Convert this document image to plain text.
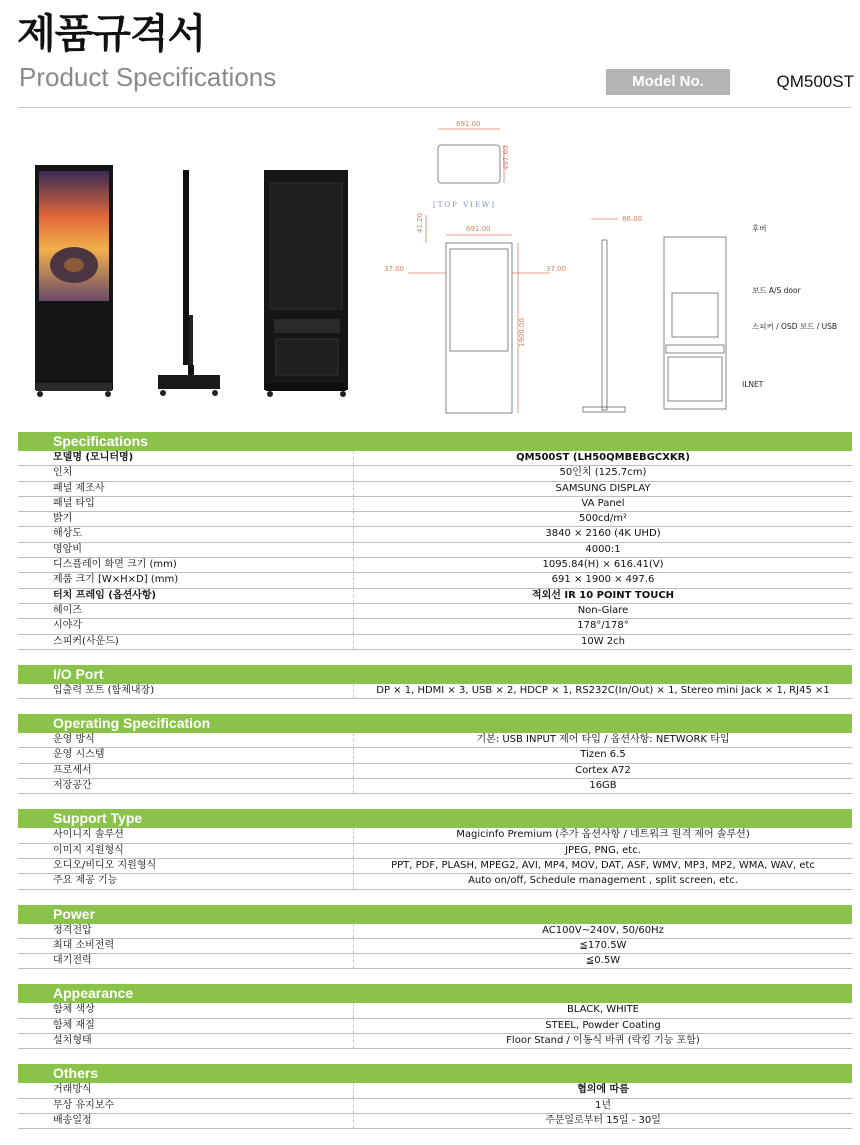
제품규격서
Product Specifications	Model No.	QM500ST
691.00
497.60
[TOP VIEW]
691.00
41.20
37.00	37.00
1900.00
86.00
후버
보드 A/S door
스피커 / OSD 보드 / USB
ILNET
Specifications
모델명 (모니터명)	QM500ST (LH50QMBEBGCXKR)
인치	50인치 (125.7cm)
패널 제조사	SAMSUNG DISPLAY
패널 타입	VA Panel
밝기	500cd/m²
해상도	3840 × 2160 (4K UHD)
명암비	4000:1
디스플레이 화면 크기 (mm)	1095.84(H) × 616.41(V)
제품 크기 [W×H×D] (mm)	691 × 1900 × 497.6
터치 프레임 (옵션사항)	적외선 IR 10 POINT TOUCH
헤이즈	Non-Glare
시야각	178°/178°
스피커(사운드)	10W 2ch
I/O Port
입출력 포트 (함체내장)	DP × 1, HDMI × 3, USB × 2, HDCP × 1, RS232C(In/Out) × 1, Stereo mini Jack × 1, RJ45 ×1
Operating Specification
운영 방식	기본: USB INPUT 제어 타입 / 옵션사항: NETWORK 타입
운영 시스템	Tizen 6.5
프로세서	Cortex A72
저장공간	16GB
Support Type
사이니지 솔루션	Magicinfo Premium (추가 옵션사항 / 네트워크 원격 제어 솔루션)
이미지 지원형식	JPEG, PNG, etc.
오디오/비디오 지원형식	PPT, PDF, PLASH, MPEG2, AVI, MP4, MOV, DAT, ASF, WMV, MP3, MP2, WMA, WAV, etc
주요 제공 기능	Auto on/off, Schedule management , split screen, etc.
Power
정격전압	AC100V~240V, 50/60Hz
최대 소비전력	≦170.5W
대기전력	≦0.5W
Appearance
함체 색상	BLACK, WHITE
함체 재질	STEEL, Powder Coating
설치형태	Floor Stand / 이동식 바퀴 (락킹 기능 포함)
Others
거래방식	협의에 따름
무상 유지보수	1년
배송일정	주문일로부터 15일 - 30일
